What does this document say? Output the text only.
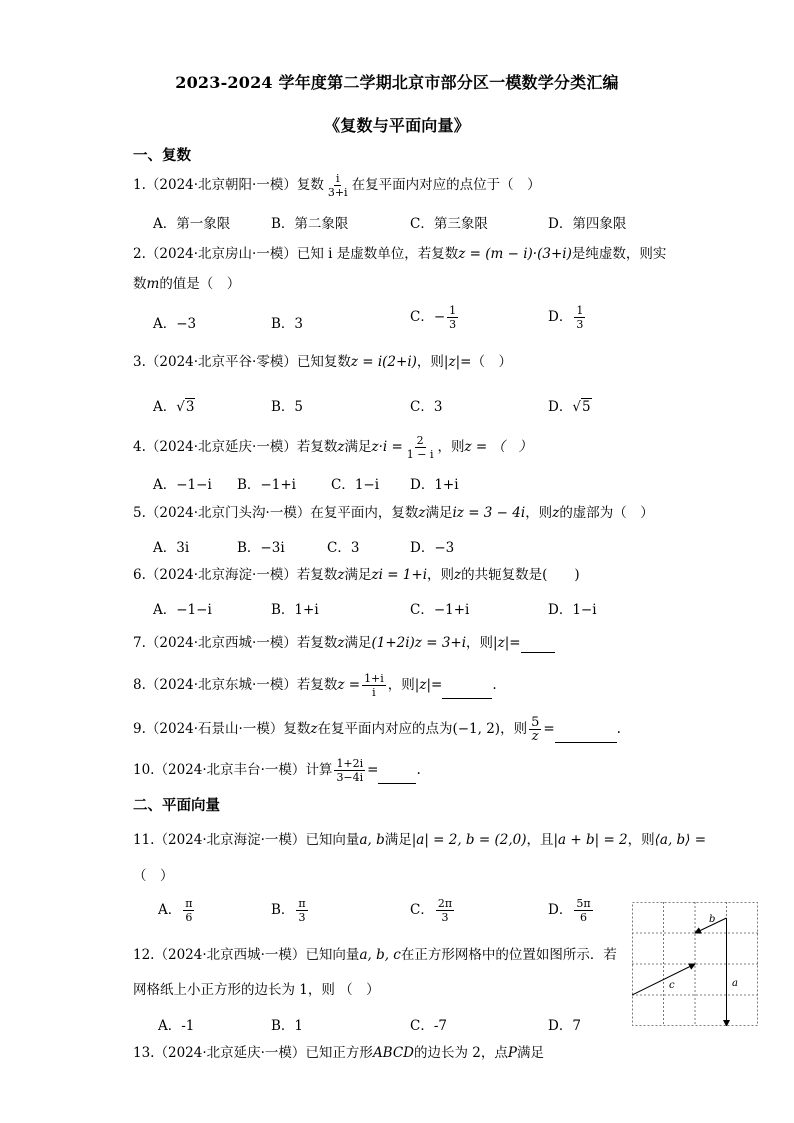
2023-2024 学年度第二学期北京市部分区一模数学分类汇编
《复数与平面向量》
一、复数
1.（2024·北京朝阳·一模）复数 $\frac{i}{3+i}$ 在复平面内对应的点位于（　）
A．第一象限	B．第二象限	C．第三象限	D．第四象限
2.（2024·北京房山·一模）已知 i 是虚数单位，若复数z = (m − i)·(3+i)是纯虚数，则实
数m的值是（　）
A．−3	B．3	C．− $\frac{1}{3}$	D． $\frac{1}{3}$
3.（2024·北京平谷·零模）已知复数z = i(2+i)，则|z|=（　）
A．√3	B．5	C．3	D．√5
4.（2024·北京延庆·一模）若复数z满足$z\cdot i = \frac{2}{1 - i}$ ，则z = （　）
A．−1−i B．−1+i	C．1−i D．1+i
5.（2024·北京门头沟·一模）在复平面内，复数z满足iz = 3 − 4i，则z的虚部为（　）
A．3i	B．−3i	C．3	D．−3
6.（2024·北京海淀·一模）若复数z满足zi = 1+i，则z的共轭复数是(　　)
A．−1−i	B．1+i	C．−1+i	D．1−i
7.（2024·北京西城·一模）若复数z满足(1+2i)z = 3+i，则|z|=
8.（2024·北京东城·一模）若复数$z = \frac{1+i}{i}$ ，则|z|=	.
9.（2024·石景山·一模）复数z在复平面内对应的点为(−1, 2)，则 $\frac{5}{z}$ =	.
10.（2024·北京丰台·一模）计算 $\frac{1+2i}{3-4i}$ =	.
二、平面向量
11.（2024·北京海淀·一模）已知向量a, b满足|a| = 2, b = (2,0)，且|a + b| = 2，则⟨a, b⟩ =
（　）
A． $\frac{\pi}{6}$	B． $\frac{\pi}{3}$	C． $\frac{2\pi}{3}$	D． $\frac{5\pi}{6}$
12.（2024·北京西城·一模）已知向量a, b, c在正方形网格中的位置如图所示．若
网格纸上小正方形的边长为 1，则 （　）
A．-1	B．1	C．-7	D．7
b
c	a
13.（2024·北京延庆·一模）已知正方形ABCD的边长为 2，点P满足
